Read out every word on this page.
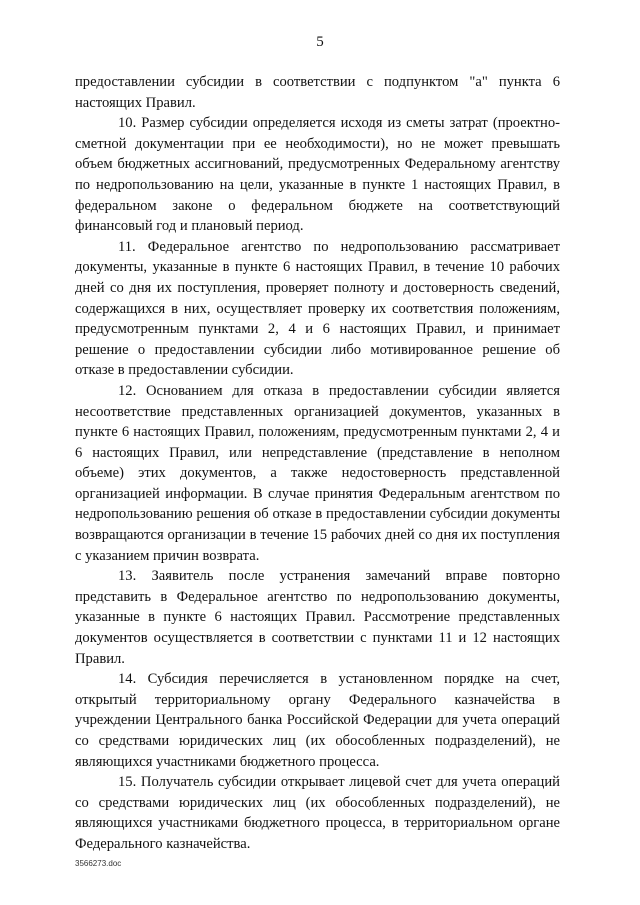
5

предоставлении субсидии в соответствии с подпунктом "а" пункта 6 настоящих Правил.

10. Размер субсидии определяется исходя из сметы затрат (проектно-сметной документации при ее необходимости), но не может превышать объем бюджетных ассигнований, предусмотренных Федеральному агентству по недропользованию на цели, указанные в пункте 1 настоящих Правил, в федеральном законе о федеральном бюджете на соответствующий финансовый год и плановый период.

11. Федеральное агентство по недропользованию рассматривает документы, указанные в пункте 6 настоящих Правил, в течение 10 рабочих дней со дня их поступления, проверяет полноту и достоверность сведений, содержащихся в них, осуществляет проверку их соответствия положениям, предусмотренным пунктами 2, 4 и 6 настоящих Правил, и принимает решение о предоставлении субсидии либо мотивированное решение об отказе в предоставлении субсидии.

12. Основанием для отказа в предоставлении субсидии является несоответствие представленных организацией документов, указанных в пункте 6 настоящих Правил, положениям, предусмотренным пунктами 2, 4 и 6 настоящих Правил, или непредставление (представление в неполном объеме) этих документов, а также недостоверность представленной организацией информации. В случае принятия Федеральным агентством по недропользованию решения об отказе в предоставлении субсидии документы возвращаются организации в течение 15 рабочих дней со дня их поступления с указанием причин возврата.

13. Заявитель после устранения замечаний вправе повторно представить в Федеральное агентство по недропользованию документы, указанные в пункте 6 настоящих Правил. Рассмотрение представленных документов осуществляется в соответствии с пунктами 11 и 12 настоящих Правил.

14. Субсидия перечисляется в установленном порядке на счет, открытый территориальному органу Федерального казначейства в учреждении Центрального банка Российской Федерации для учета операций со средствами юридических лиц (их обособленных подразделений), не являющихся участниками бюджетного процесса.

15. Получатель субсидии открывает лицевой счет для учета операций со средствами юридических лиц (их обособленных подразделений), не являющихся участниками бюджетного процесса, в территориальном органе Федерального казначейства.

3566273.doc
